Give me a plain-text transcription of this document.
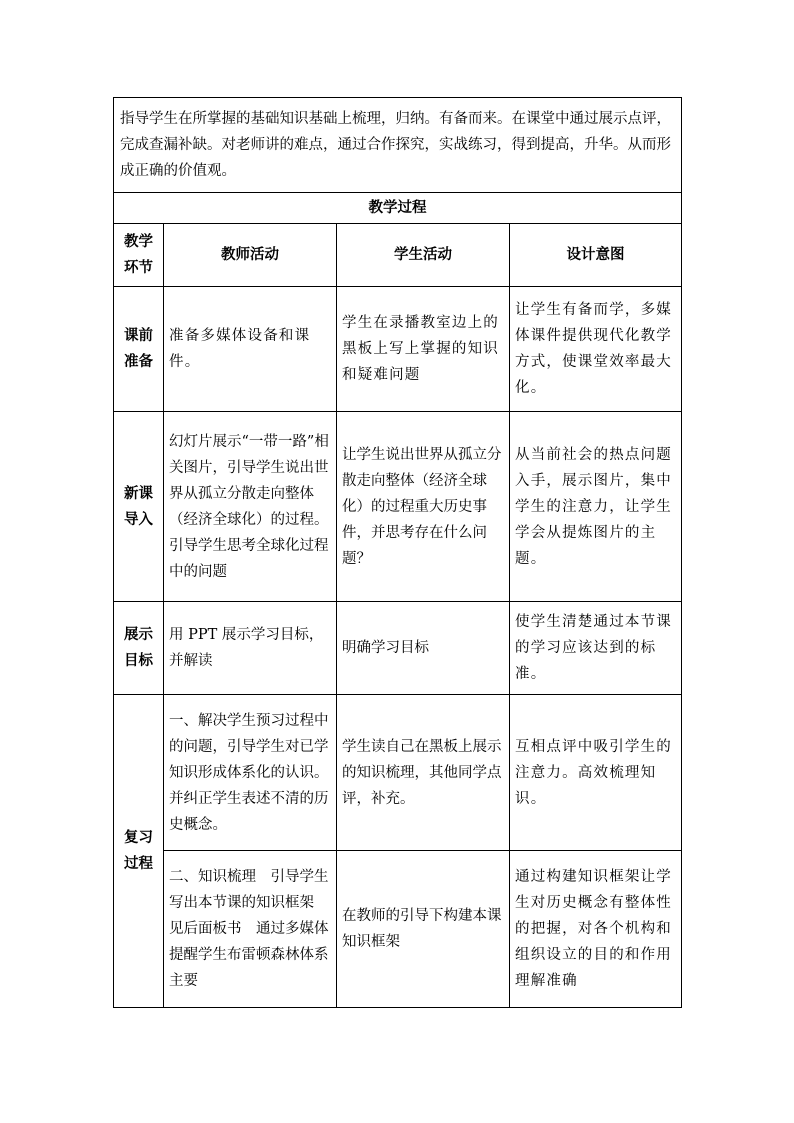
指导学生在所掌握的基础知识基础上梳理，归纳。有备而来。在课堂中通过展示点评，完成查漏补缺。对老师讲的难点，通过合作探究，实战练习，得到提高，升华。从而形成正确的价值观。			
教学过程			

教学
环节	教师活动	学生活动	设计意图

课前
准备	准备多媒体设备和课件。	学生在录播教室边上的黑板上写上掌握的知识和疑难问题	让学生有备而学，多媒体课件提供现代化教学方式，使课堂效率最大化。

新课
导入	幻灯片展示“一带一路”相关图片，引导学生说出世界从孤立分散走向整体（经济全球化）的过程。引导学生思考全球化过程中的问题	让学生说出世界从孤立分散走向整体（经济全球化）的过程重大历史事件，并思考存在什么问题？	从当前社会的热点问题入手，展示图片，集中学生的注意力，让学生学会从提炼图片的主题。

展示
目标	用 PPT 展示学习目标，并解读	明确学习目标	使学生清楚通过本节课的学习应该达到的标准。

复习
过程	一、解决学生预习过程中的问题，引导学生对已学知识形成体系化的认识。并纠正学生表述不清的历史概念。	学生读自己在黑板上展示的知识梳理，其他同学点评，补充。	互相点评中吸引学生的注意力。高效梳理知识。
	二、知识梳理　引导学生写出本节课的知识框架　见后面板书　通过多媒体提醒学生布雷顿森林体系主要	在教师的引导下构建本课知识框架	通过构建知识框架让学生对历史概念有整体性的把握，对各个机构和组织设立的目的和作用理解准确
